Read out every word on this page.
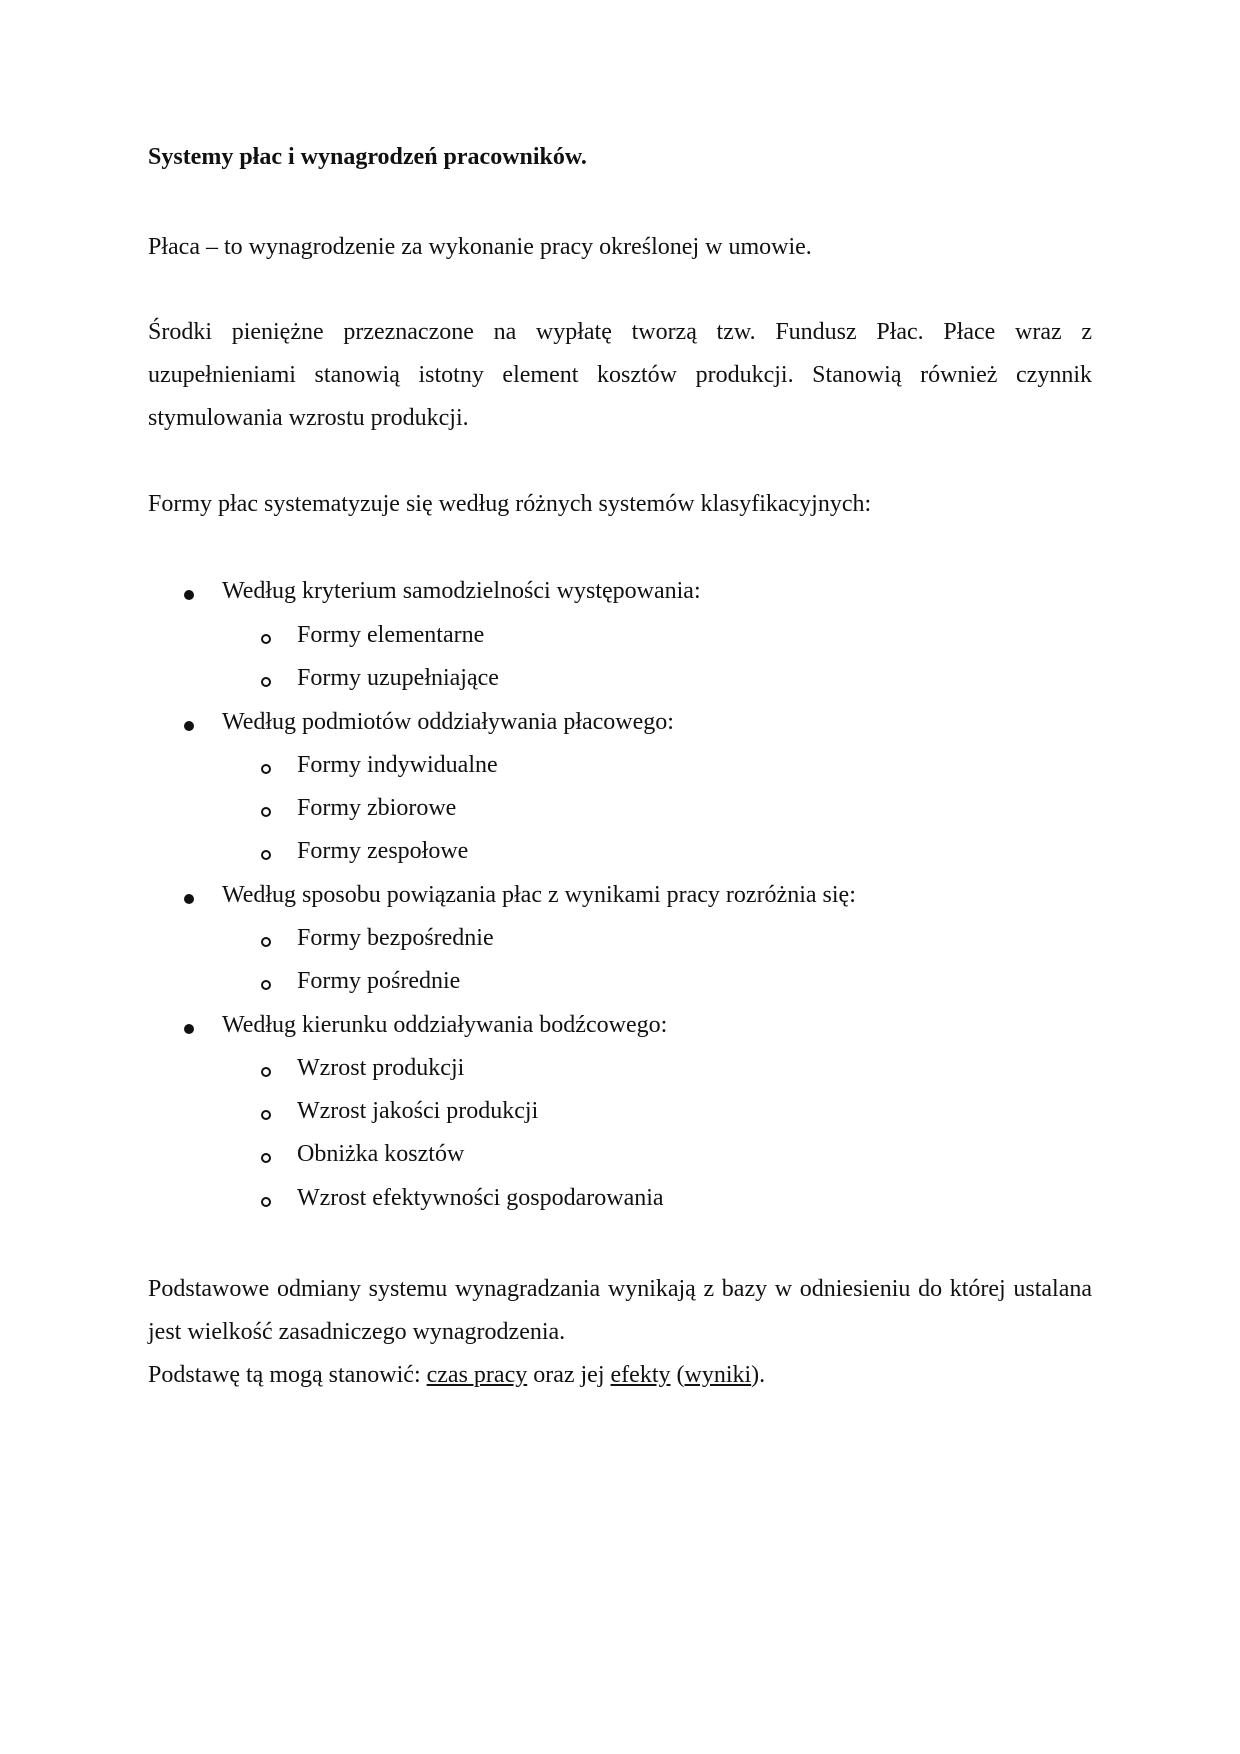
Systemy płac i wynagrodzeń pracowników.
Płaca – to wynagrodzenie za wykonanie pracy określonej w umowie.
Środki pieniężne przeznaczone na wypłatę tworzą tzw. Fundusz Płac. Płace wraz z uzupełnieniami stanowią istotny element kosztów produkcji. Stanowią również czynnik stymulowania wzrostu produkcji.
Formy płac systematyzuje się według różnych systemów klasyfikacyjnych:
Według kryterium samodzielności występowania:
Formy elementarne
Formy uzupełniające
Według podmiotów oddziaływania płacowego:
Formy indywidualne
Formy zbiorowe
Formy zespołowe
Według sposobu powiązania płac z wynikami pracy rozróżnia się:
Formy bezpośrednie
Formy pośrednie
Według kierunku oddziaływania bodźcowego:
Wzrost produkcji
Wzrost jakości produkcji
Obniżka kosztów
Wzrost efektywności gospodarowania
Podstawowe odmiany systemu wynagradzania wynikają z bazy w odniesieniu do której ustalana jest wielkość zasadniczego wynagrodzenia.
Podstawę tą mogą stanowić: czas pracy oraz jej efekty (wyniki).
